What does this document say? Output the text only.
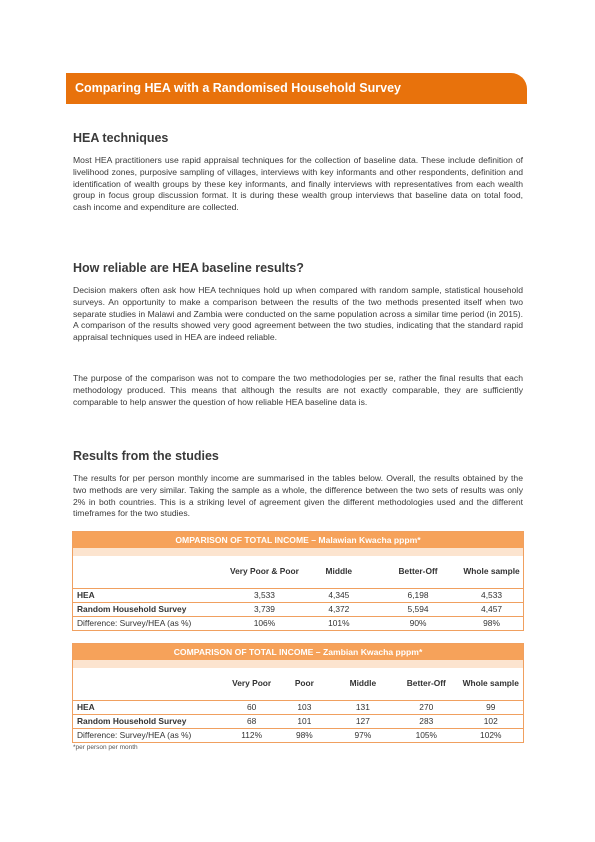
Comparing HEA with a Randomised Household Survey
HEA techniques

Most HEA practitioners use rapid appraisal techniques for the collection of baseline data. These include definition of livelihood zones, purposive sampling of villages, interviews with key informants and other respondents, definition and identification of wealth groups by these key informants, and finally interviews with representatives from each wealth group in focus group discussion format. It is during these wealth group interviews that baseline data on total food, cash income and expenditure are collected.

How reliable are HEA baseline results?

Decision makers often ask how HEA techniques hold up when compared with random sample, statistical household surveys. An opportunity to make a comparison between the results of the two methods presented itself when two separate studies in Malawi and Zambia were conducted on the same population across a similar time period (in 2015). A comparison of the results showed very good agreement between the two studies, indicating that the standard rapid appraisal techniques used in HEA are indeed reliable.

The purpose of the comparison was not to compare the two methodologies per se, rather the final results that each methodology produced. This means that although the results are not exactly comparable, they are sufficiently comparable to help answer the question of how reliable HEA baseline data is.

Results from the studies

The results for per person monthly income are summarised in the tables below. Overall, the results obtained by the two methods are very similar. Taking the sample as a whole, the difference between the two sets of results was only 2% in both countries. This is a striking level of agreement given the different methodologies used and the different timeframes for the two studies.

OMPARISON OF TOTAL INCOME – Malawian Kwacha pppm*
	Very Poor & Poor	Middle	Better-Off	Whole sample
HEA	3,533	4,345	6,198	4,533
Random Household Survey	3,739	4,372	5,594	4,457
Difference: Survey/HEA (as %)	106%	101%	90%	98%
COMPARISON OF TOTAL INCOME – Zambian Kwacha pppm*
	Very Poor	Poor	Middle	Better-Off	Whole sample
HEA	60	103	131	270	99
Random Household Survey	68	101	127	283	102
Difference: Survey/HEA (as %)	112%	98%	97%	105%	102%
*per person per month
